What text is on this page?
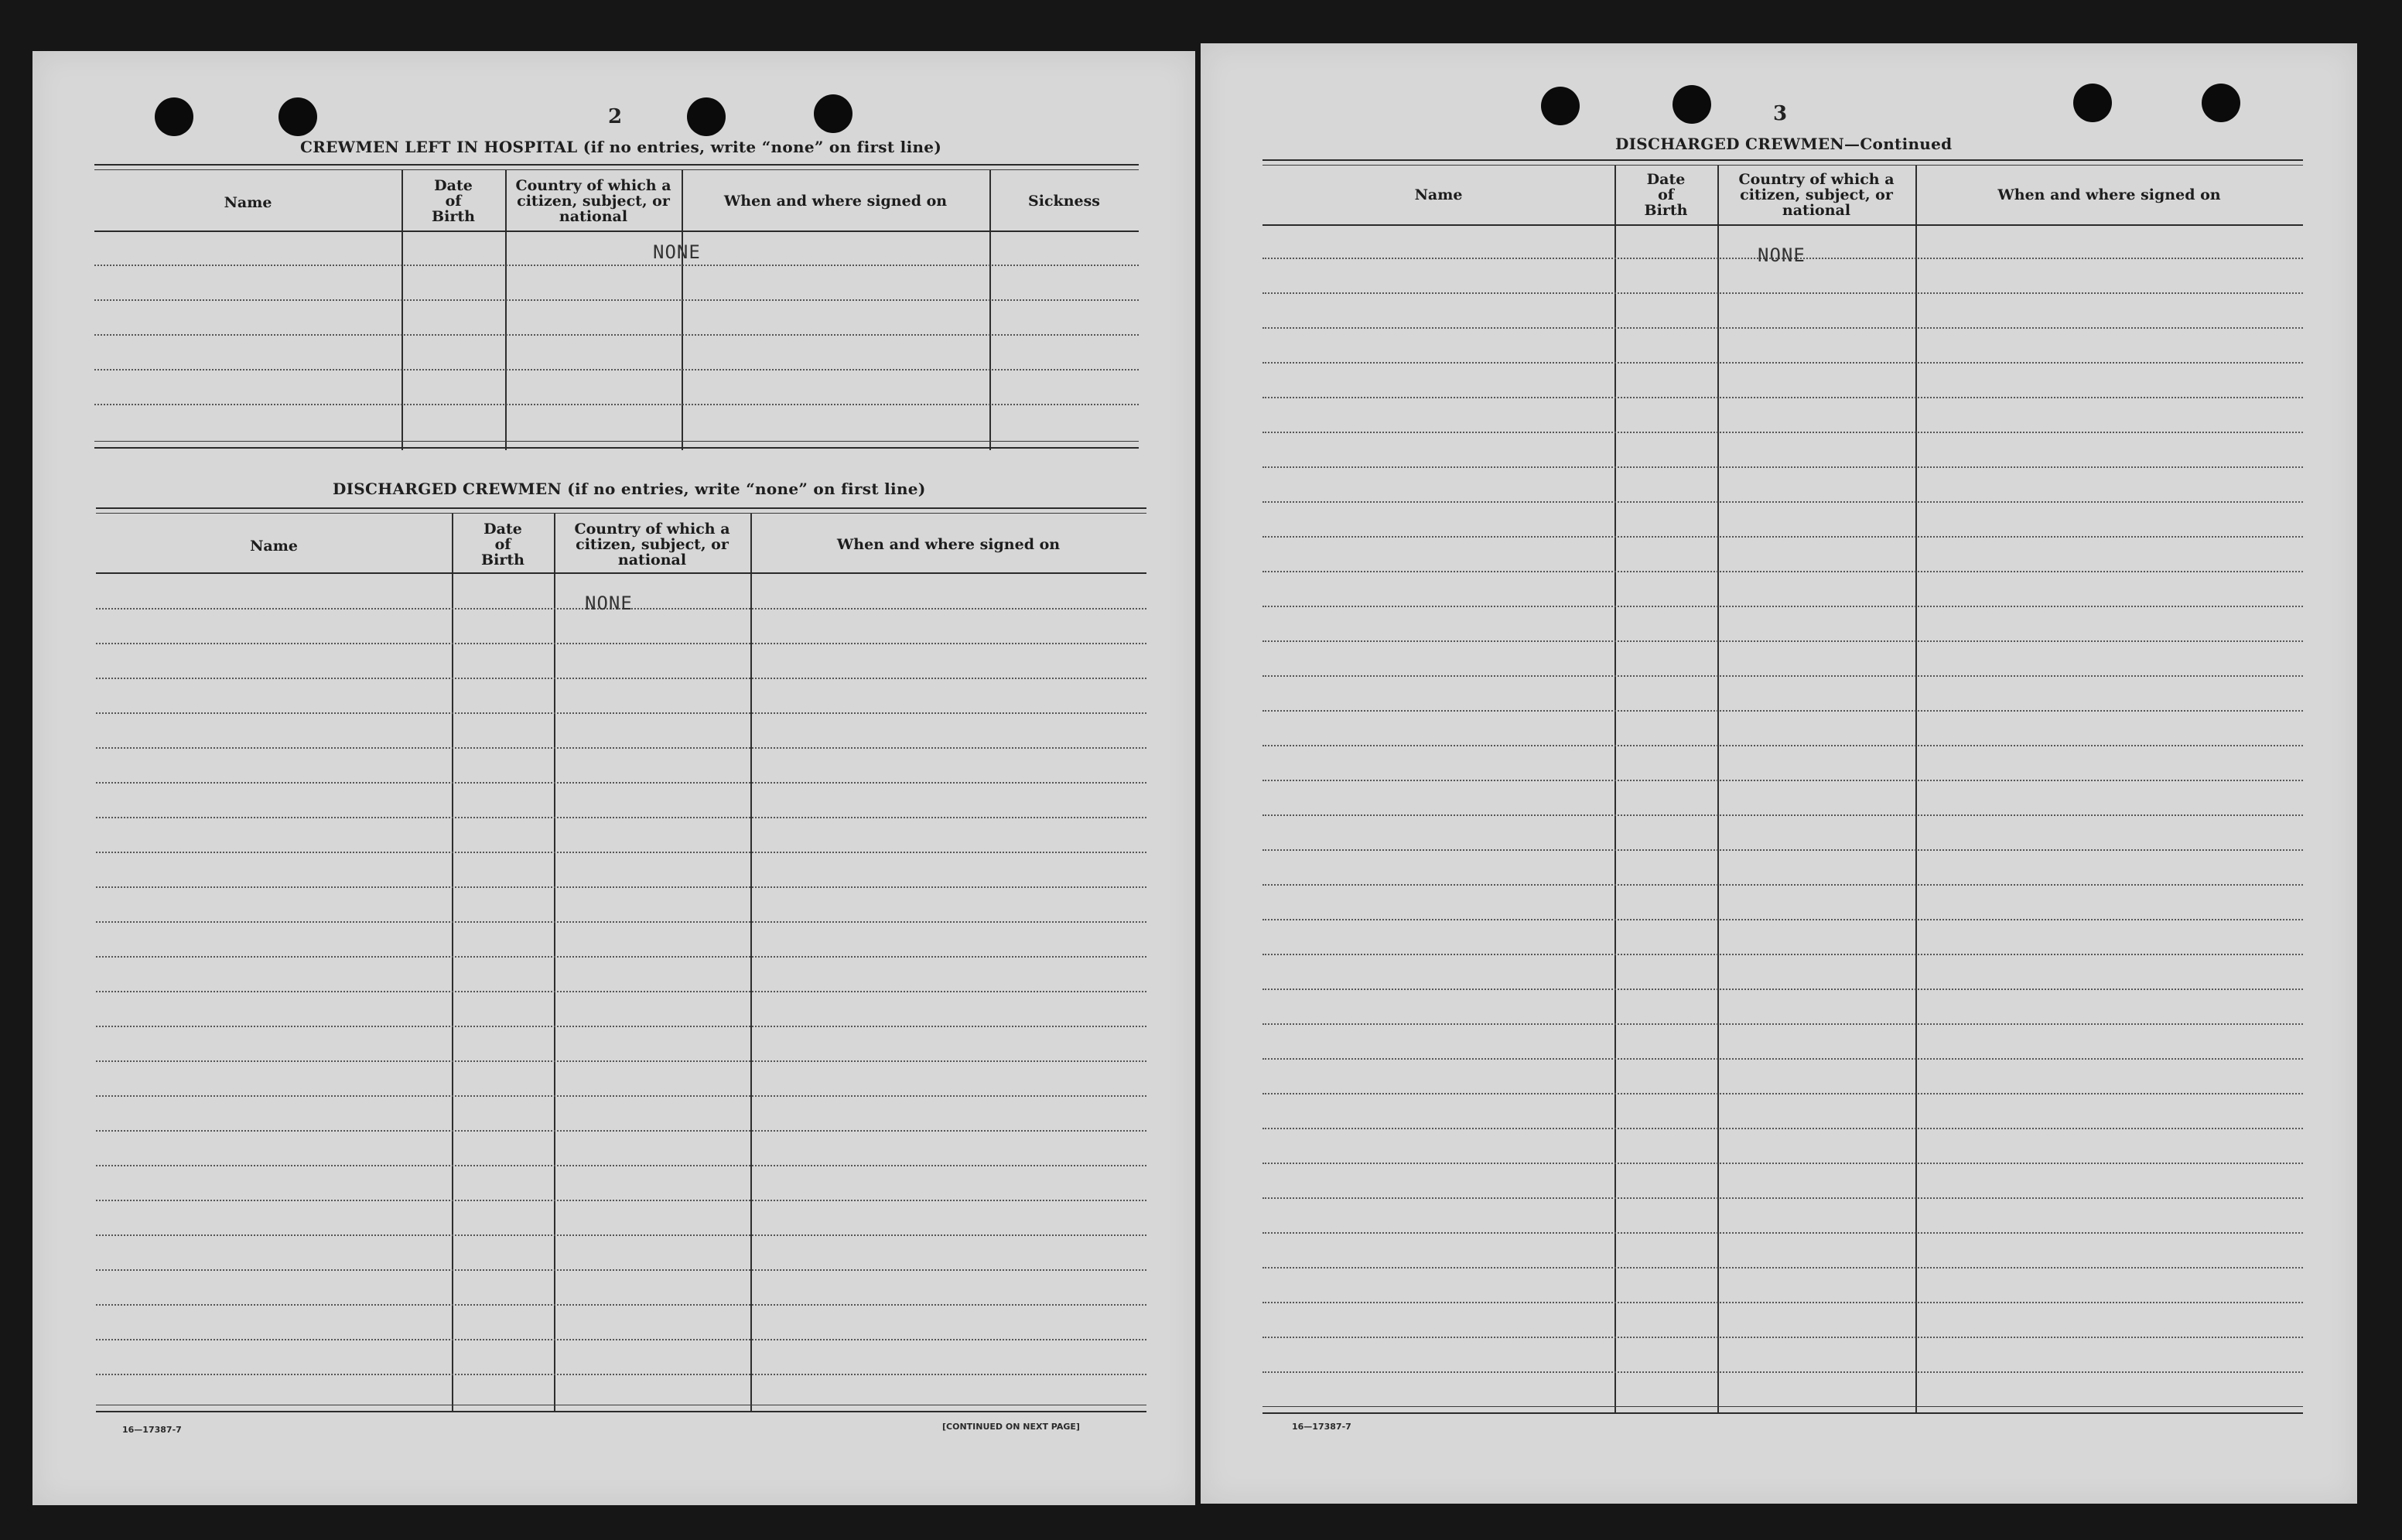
2
CREWMEN LEFT IN HOSPITAL (if no entries, write “none” on first line)
Name
Date
of
Birth
Country of which a
citizen, subject, or
national
When and where signed on	Sickness
NONE
DISCHARGED CREWMEN (if no entries, write “none” on first line)
Name
Date
of
Birth
Country of which a
citizen, subject, or
national
When and where signed on
NONE
16—17387-7	[CONTINUED ON NEXT PAGE]
3
DISCHARGED CREWMEN—Continued
Name
Date
of
Birth
Country of which a
citizen, subject, or
national
When and where signed on
NONE
16—17387-7
